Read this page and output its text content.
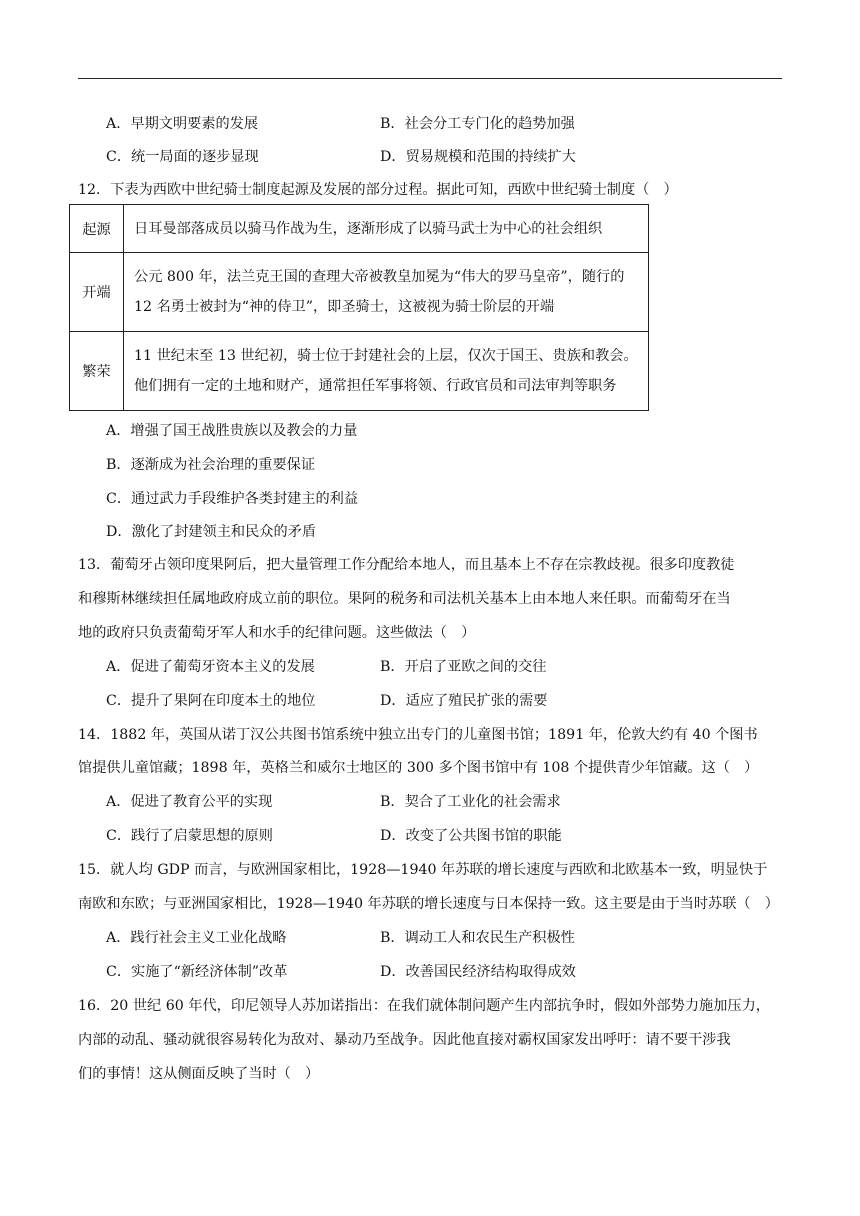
A．早期文明要素的发展	B．社会分工专门化的趋势加强
C．统一局面的逐步显现	D．贸易规模和范围的持续扩大
12．下表为西欧中世纪骑士制度起源及发展的部分过程。据此可知，西欧中世纪骑士制度（　）
起源	日耳曼部落成员以骑马作战为生，逐渐形成了以骑马武士为中心的社会组织

开端	公元 800 年，法兰克王国的查理大帝被教皇加冕为“伟大的罗马皇帝”，随行的
12 名勇士被封为“神的侍卫”，即圣骑士，这被视为骑士阶层的开端

繁荣	11 世纪末至 13 世纪初，骑士位于封建社会的上层，仅次于国王、贵族和教会。
他们拥有一定的土地和财产，通常担任军事将领、行政官员和司法审判等职务
A．增强了国王战胜贵族以及教会的力量
B．逐渐成为社会治理的重要保证
C．通过武力手段维护各类封建主的利益
D．激化了封建领主和民众的矛盾
13．葡萄牙占领印度果阿后，把大量管理工作分配给本地人，而且基本上不存在宗教歧视。很多印度教徒
和穆斯林继续担任属地政府成立前的职位。果阿的税务和司法机关基本上由本地人来任职。而葡萄牙在当
地的政府只负责葡萄牙军人和水手的纪律问题。这些做法（　）
A．促进了葡萄牙资本主义的发展	B．开启了亚欧之间的交往
C．提升了果阿在印度本土的地位	D．适应了殖民扩张的需要
14．1882 年，英国从诺丁汉公共图书馆系统中独立出专门的儿童图书馆；1891 年，伦敦大约有 40 个图书
馆提供儿童馆藏；1898 年，英格兰和威尔士地区的 300 多个图书馆中有 108 个提供青少年馆藏。这（　）
A．促进了教育公平的实现	B．契合了工业化的社会需求
C．践行了启蒙思想的原则	D．改变了公共图书馆的职能
15．就人均 GDP 而言，与欧洲国家相比，1928—1940 年苏联的增长速度与西欧和北欧基本一致，明显快于
南欧和东欧；与亚洲国家相比，1928—1940 年苏联的增长速度与日本保持一致。这主要是由于当时苏联（　）
A．践行社会主义工业化战略	B．调动工人和农民生产积极性
C．实施了“新经济体制”改革	D．改善国民经济结构取得成效
16．20 世纪 60 年代，印尼领导人苏加诺指出：在我们就体制问题产生内部抗争时，假如外部势力施加压力，
内部的动乱、骚动就很容易转化为敌对、暴动乃至战争。因此他直接对霸权国家发出呼吁：请不要干涉我
们的事情！这从侧面反映了当时（　）
